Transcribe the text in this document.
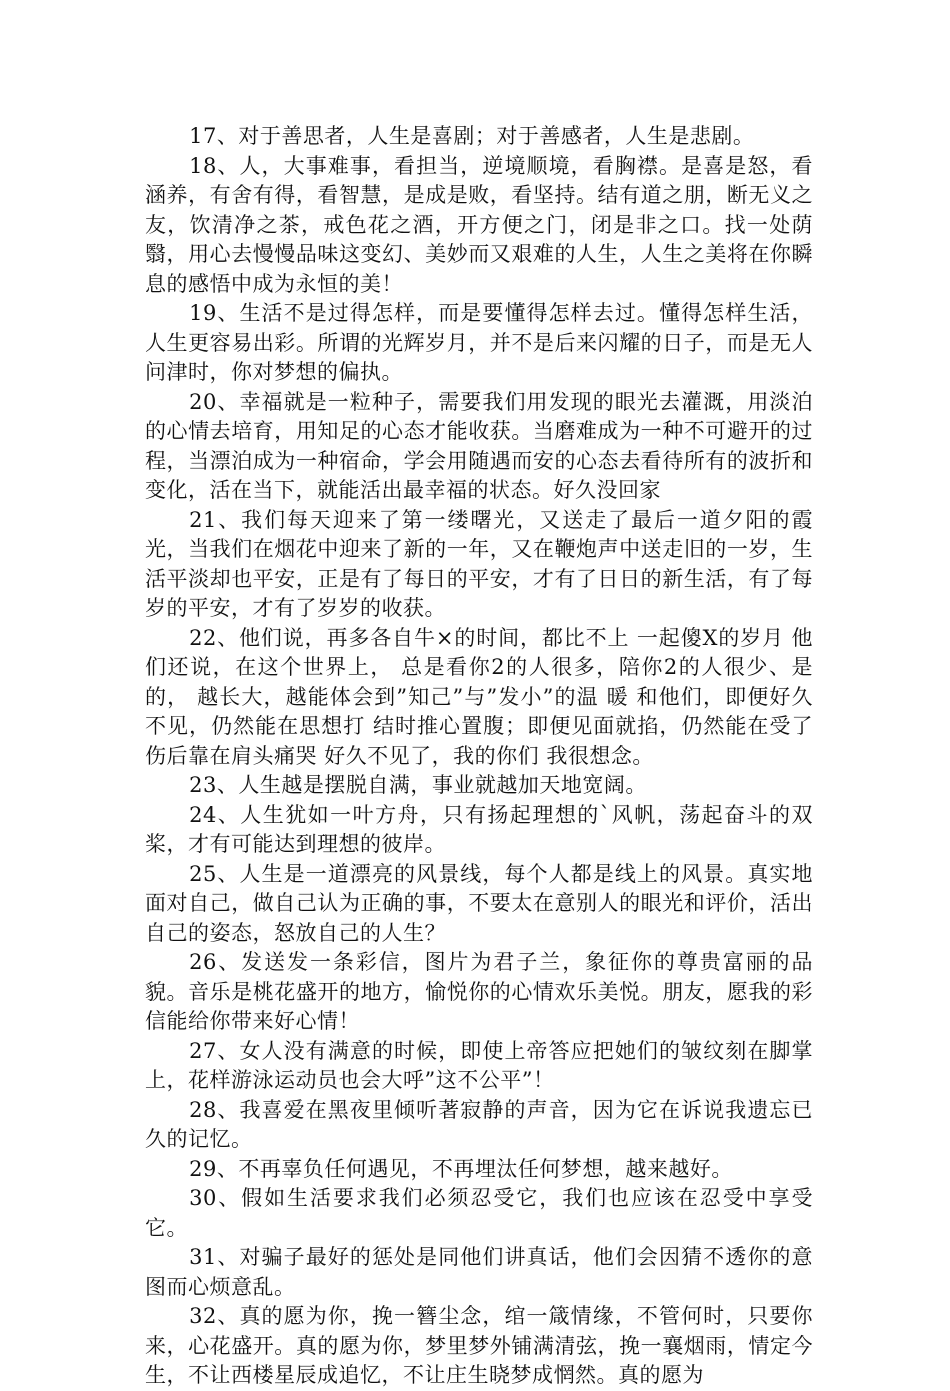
17、对于善思者，人生是喜剧；对于善感者，人生是悲剧。

18、人，大事难事，看担当，逆境顺境，看胸襟。是喜是怒，看涵养，有舍有得，看智慧，是成是败，看坚持。结有道之朋，断无义之友，饮清净之茶，戒色花之酒，开方便之门，闭是非之口。找一处荫翳，用心去慢慢品味这变幻、美妙而又艰难的人生，人生之美将在你瞬息的感悟中成为永恒的美！

19、生活不是过得怎样，而是要懂得怎样去过。懂得怎样生活，人生更容易出彩。所谓的光辉岁月，并不是后来闪耀的日子，而是无人问津时，你对梦想的偏执。

20、幸福就是一粒种子，需要我们用发现的眼光去灌溉，用淡泊的心情去培育，用知足的心态才能收获。当磨难成为一种不可避开的过程，当漂泊成为一种宿命，学会用随遇而安的心态去看待所有的波折和变化，活在当下，就能活出最幸福的状态。好久没回家

21、我们每天迎来了第一缕曙光，又送走了最后一道夕阳的霞光，当我们在烟花中迎来了新的一年，又在鞭炮声中送走旧的一岁，生活平淡却也平安，正是有了每日的平安，才有了日日的新生活，有了每岁的平安，才有了岁岁的收获。

22、他们说，再多各自牛×的时间，都比不上 一起傻X的岁月 他们还说，在这个世界上， 总是看你2的人很多，陪你2的人很少、是的， 越长大，越能体会到”知己”与”发小”的温 暖 和他们，即便好久不见，仍然能在思想打 结时推心置腹；即便见面就掐，仍然能在受了 伤后靠在肩头痛哭 好久不见了，我的你们 我很想念。

23、人生越是摆脱自满，事业就越加天地宽阔。

24、人生犹如一叶方舟，只有扬起理想的`风帆，荡起奋斗的双桨，才有可能达到理想的彼岸。

25、人生是一道漂亮的风景线，每个人都是线上的风景。真实地面对自己，做自己认为正确的事，不要太在意别人的眼光和评价，活出自己的姿态，怒放自己的人生？

26、发送发一条彩信，图片为君子兰，象征你的尊贵富丽的品貌。音乐是桃花盛开的地方，愉悦你的心情欢乐美悦。朋友，愿我的彩信能给你带来好心情！

27、女人没有满意的时候，即使上帝答应把她们的皱纹刻在脚掌上，花样游泳运动员也会大呼”这不公平”！

28、我喜爱在黑夜里倾听著寂静的声音，因为它在诉说我遗忘已久的记忆。

29、不再辜负任何遇见，不再埋汰任何梦想，越来越好。

30、假如生活要求我们必须忍受它，我们也应该在忍受中享受它。

31、对骗子最好的惩处是同他们讲真话，他们会因猜不透你的意图而心烦意乱。

32、真的愿为你，挽一簪尘念，绾一箴情缘，不管何时，只要你来，心花盛开。真的愿为你，梦里梦外铺满清弦，挽一襄烟雨，情定今生，不让西楼星辰成追忆，不让庄生晓梦成惘然。真的愿为
